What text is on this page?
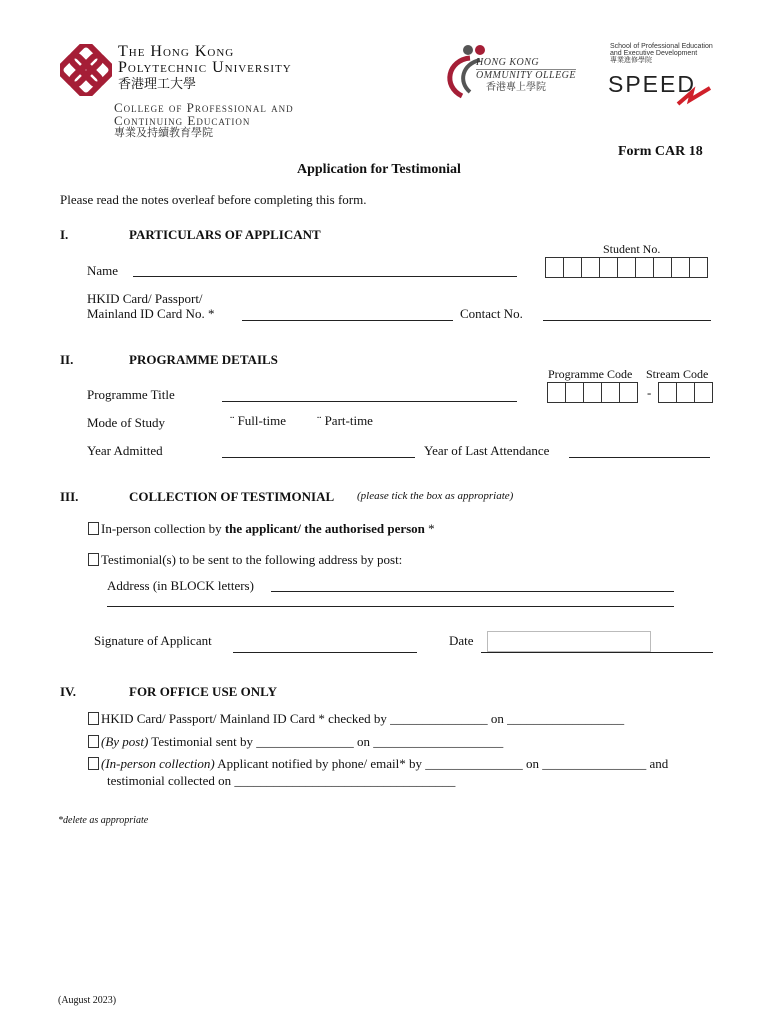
The Hong Kong
Polytechnic University
香港理工大學
College of Professional and
Continuing Education
專業及持續教育學院
HONG KONG
OMMUNITY OLLEGE
香港專上學院
School of Professional Education
and Executive Development
專業進修學院
SPEED
Form CAR 18
Application for Testimonial
Please read the notes overleaf before completing this form.
I.	PARTICULARS OF APPLICANT
Student No.
Name
HKID Card/ Passport/
Mainland ID Card No. *	Contact No.
II.	PROGRAMME DETAILS
Programme Code Stream Code
-
Programme Title
Mode of Study	¨ Full-time ¨ Part-time
Year Admitted	Year of Last Attendance
III.	COLLECTION OF TESTIMONIAL (please tick the box as appropriate)
In-person collection by the applicant/ the authorised person *
Testimonial(s) to be sent to the following address by post:
Address (in BLOCK letters)
Signature of Applicant	Date
IV.	FOR OFFICE USE ONLY
HKID Card/ Passport/ Mainland ID Card * checked by _______________ on __________________
(By post) Testimonial sent by _______________ on ____________________
(In-person collection) Applicant notified by phone/ email* by _______________ on ________________ and
testimonial collected on __________________________________
*delete as appropriate
(August 2023)
